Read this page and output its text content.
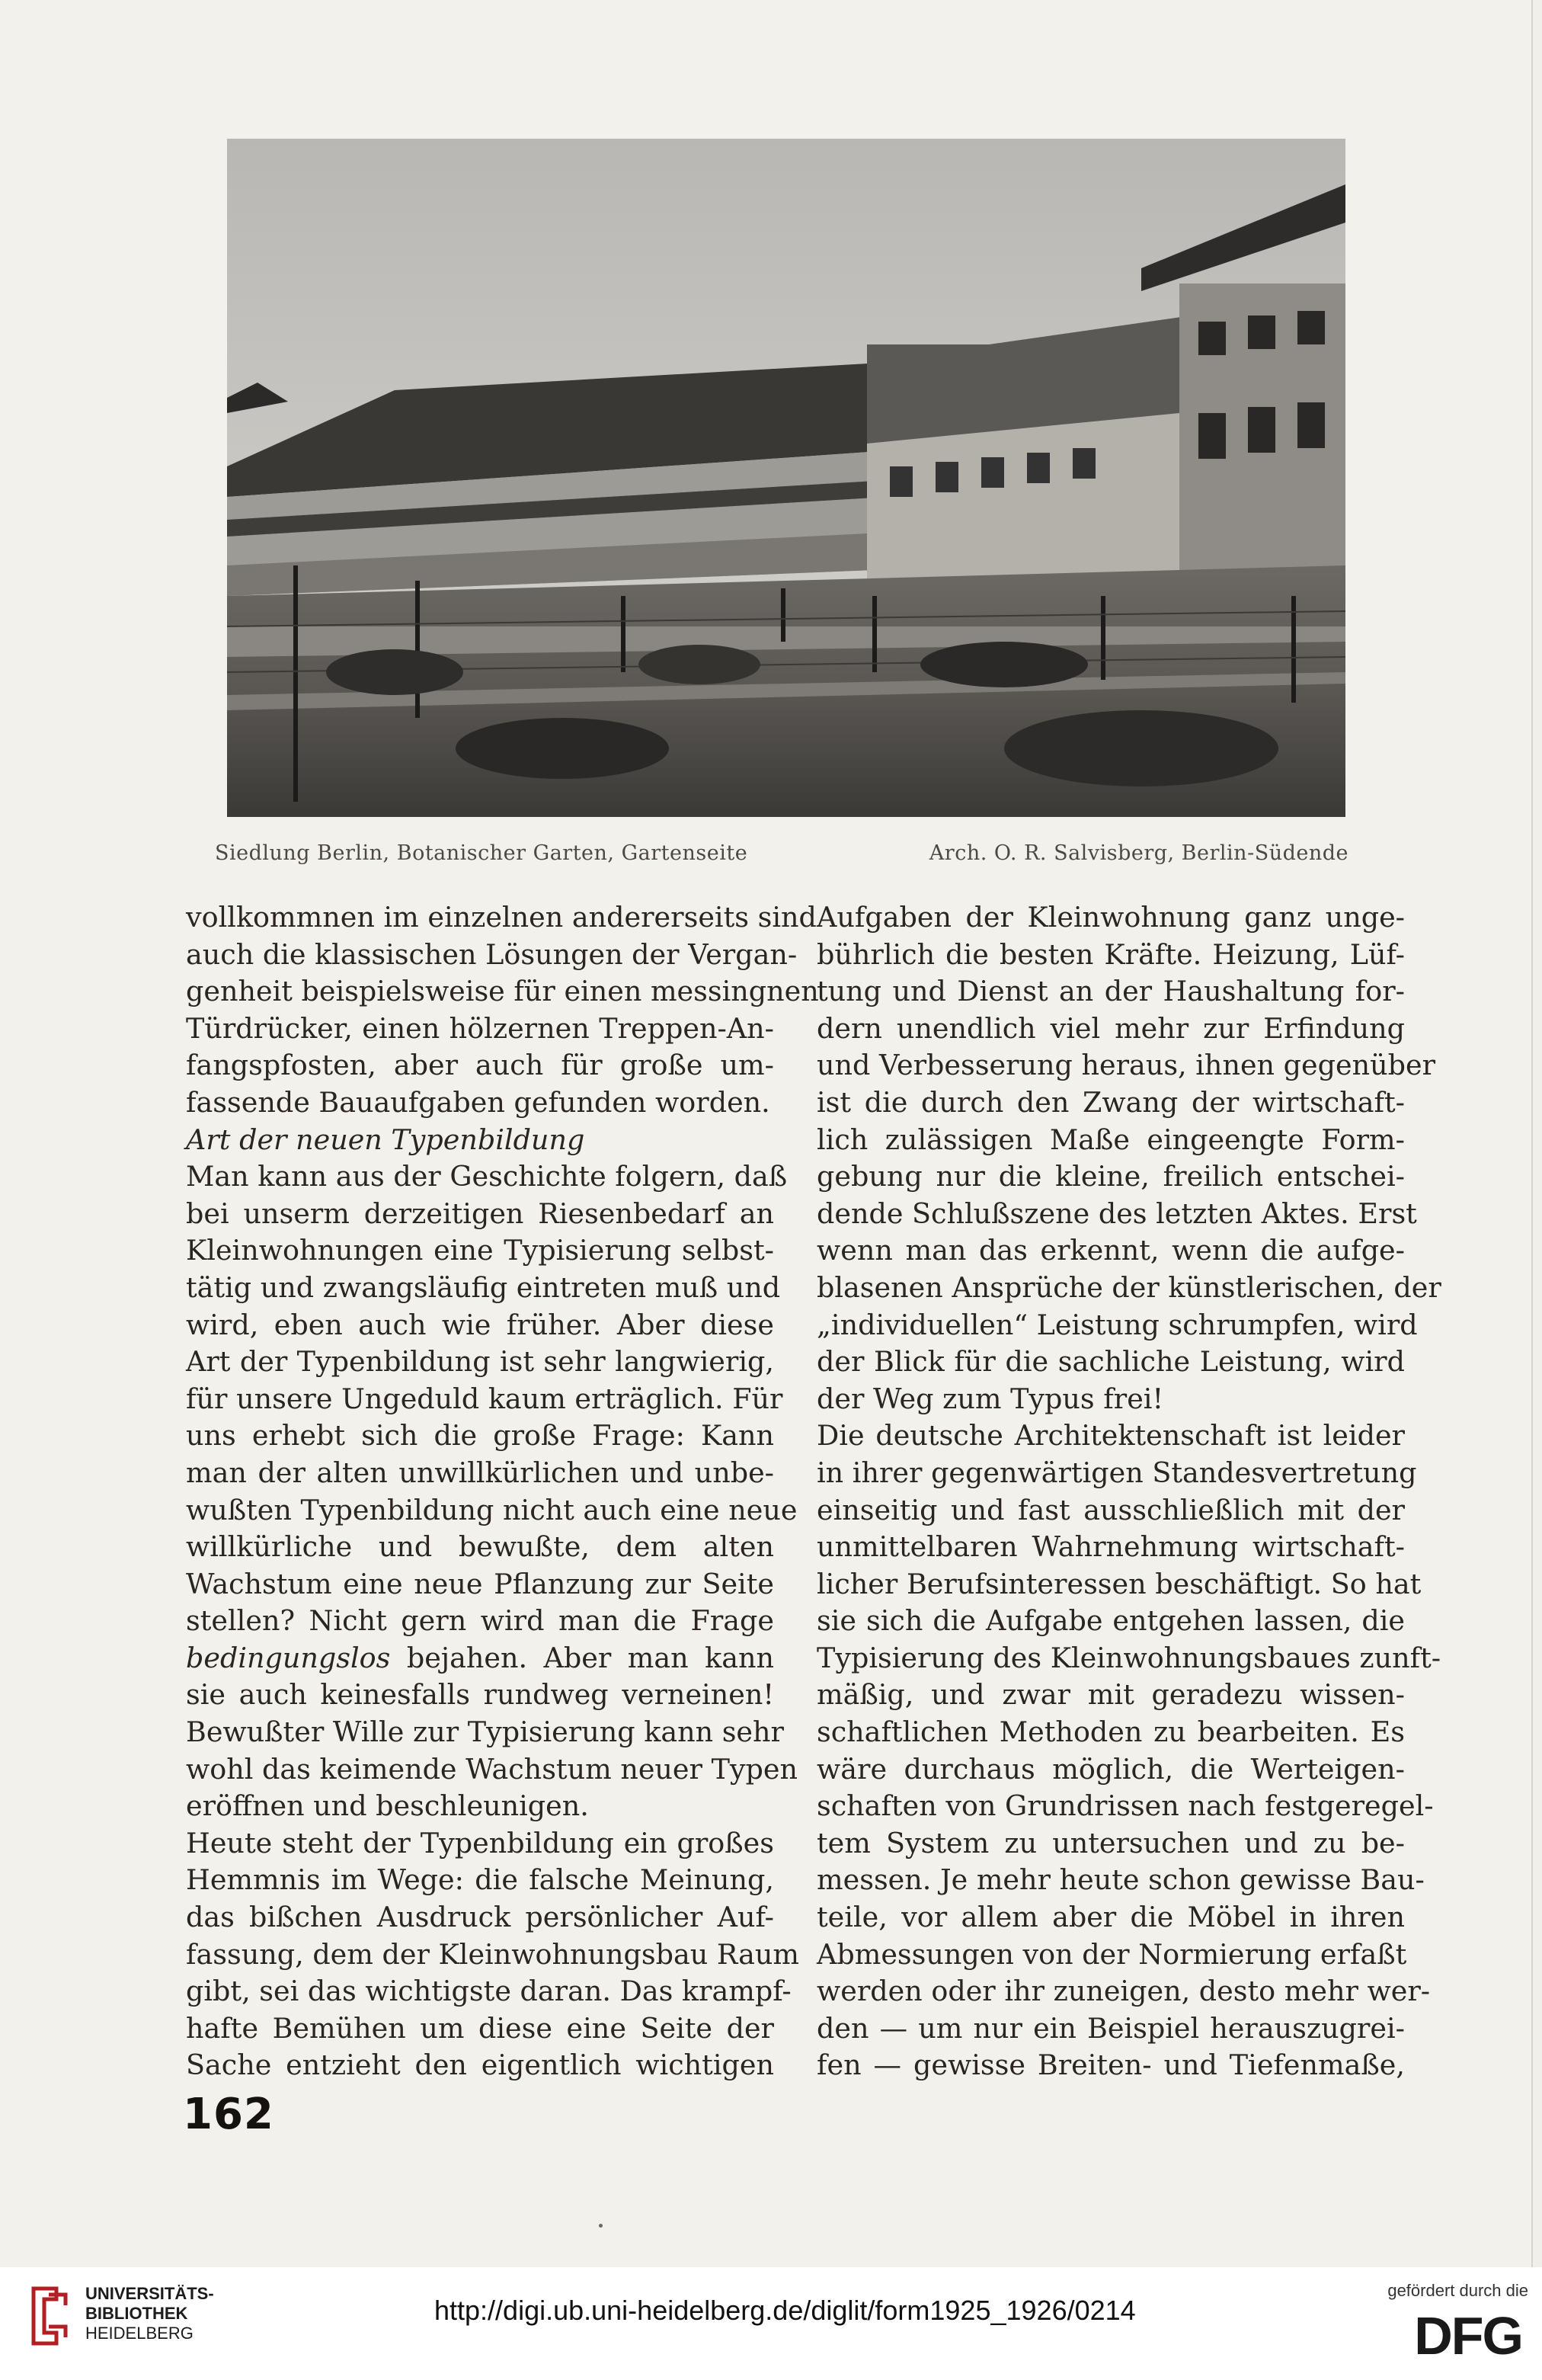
Siedlung Berlin, Botanischer Garten, Gartenseite	Arch. O. R. Salvisberg, Berlin-Südende
vollkommnen im einzelnen andererseits sind
auch die klassischen Lösungen der Vergan-
genheit beispielsweise für einen messingnen
Türdrücker, einen hölzernen Treppen-An-
fangspfosten, aber auch für große um-
fassende Bauaufgaben gefunden worden.
Art der neuen Typenbildung
Man kann aus der Geschichte folgern, daß
bei unserm derzeitigen Riesenbedarf an
Kleinwohnungen eine Typisierung selbst-
tätig und zwangsläufig eintreten muß und
wird, eben auch wie früher. Aber diese
Art der Typenbildung ist sehr langwierig,
für unsere Ungeduld kaum erträglich. Für
uns erhebt sich die große Frage: Kann
man der alten unwillkürlichen und unbe-
wußten Typenbildung nicht auch eine neue
willkürliche und bewußte, dem alten
Wachstum eine neue Pflanzung zur Seite
stellen? Nicht gern wird man die Frage
bedingungslos bejahen. Aber man kann
sie auch keinesfalls rundweg verneinen!
Bewußter Wille zur Typisierung kann sehr
wohl das keimende Wachstum neuer Typen
eröffnen und beschleunigen.
Heute steht der Typenbildung ein großes
Hemmnis im Wege: die falsche Meinung,
das bißchen Ausdruck persönlicher Auf-
fassung, dem der Kleinwohnungsbau Raum
gibt, sei das wichtigste daran. Das krampf-
hafte Bemühen um diese eine Seite der
Sache entzieht den eigentlich wichtigen
Aufgaben der Kleinwohnung ganz unge-
bührlich die besten Kräfte. Heizung, Lüf-
tung und Dienst an der Haushaltung for-
dern unendlich viel mehr zur Erfindung
und Verbesserung heraus, ihnen gegenüber
ist die durch den Zwang der wirtschaft-
lich zulässigen Maße eingeengte Form-
gebung nur die kleine, freilich entschei-
dende Schlußszene des letzten Aktes. Erst
wenn man das erkennt, wenn die aufge-
blasenen Ansprüche der künstlerischen, der
„individuellen“ Leistung schrumpfen, wird
der Blick für die sachliche Leistung, wird
der Weg zum Typus frei!
Die deutsche Architektenschaft ist leider
in ihrer gegenwärtigen Standesvertretung
einseitig und fast ausschließlich mit der
unmittelbaren Wahrnehmung wirtschaft-
licher Berufsinteressen beschäftigt. So hat
sie sich die Aufgabe entgehen lassen, die
Typisierung des Kleinwohnungsbaues zunft-
mäßig, und zwar mit geradezu wissen-
schaftlichen Methoden zu bearbeiten. Es
wäre durchaus möglich, die Werteigen-
schaften von Grundrissen nach festgeregel-
tem System zu untersuchen und zu be-
messen. Je mehr heute schon gewisse Bau-
teile, vor allem aber die Möbel in ihren
Abmessungen von der Normierung erfaßt
werden oder ihr zuneigen, desto mehr wer-
den — um nur ein Beispiel herauszugrei-
fen — gewisse Breiten- und Tiefenmaße,
162
UNIVERSITÄTS-
BIBLIOTHEK
HEIDELBERG
http://digi.ub.uni-heidelberg.de/diglit/form1925_1926/0214
gefördert durch die
DFG
